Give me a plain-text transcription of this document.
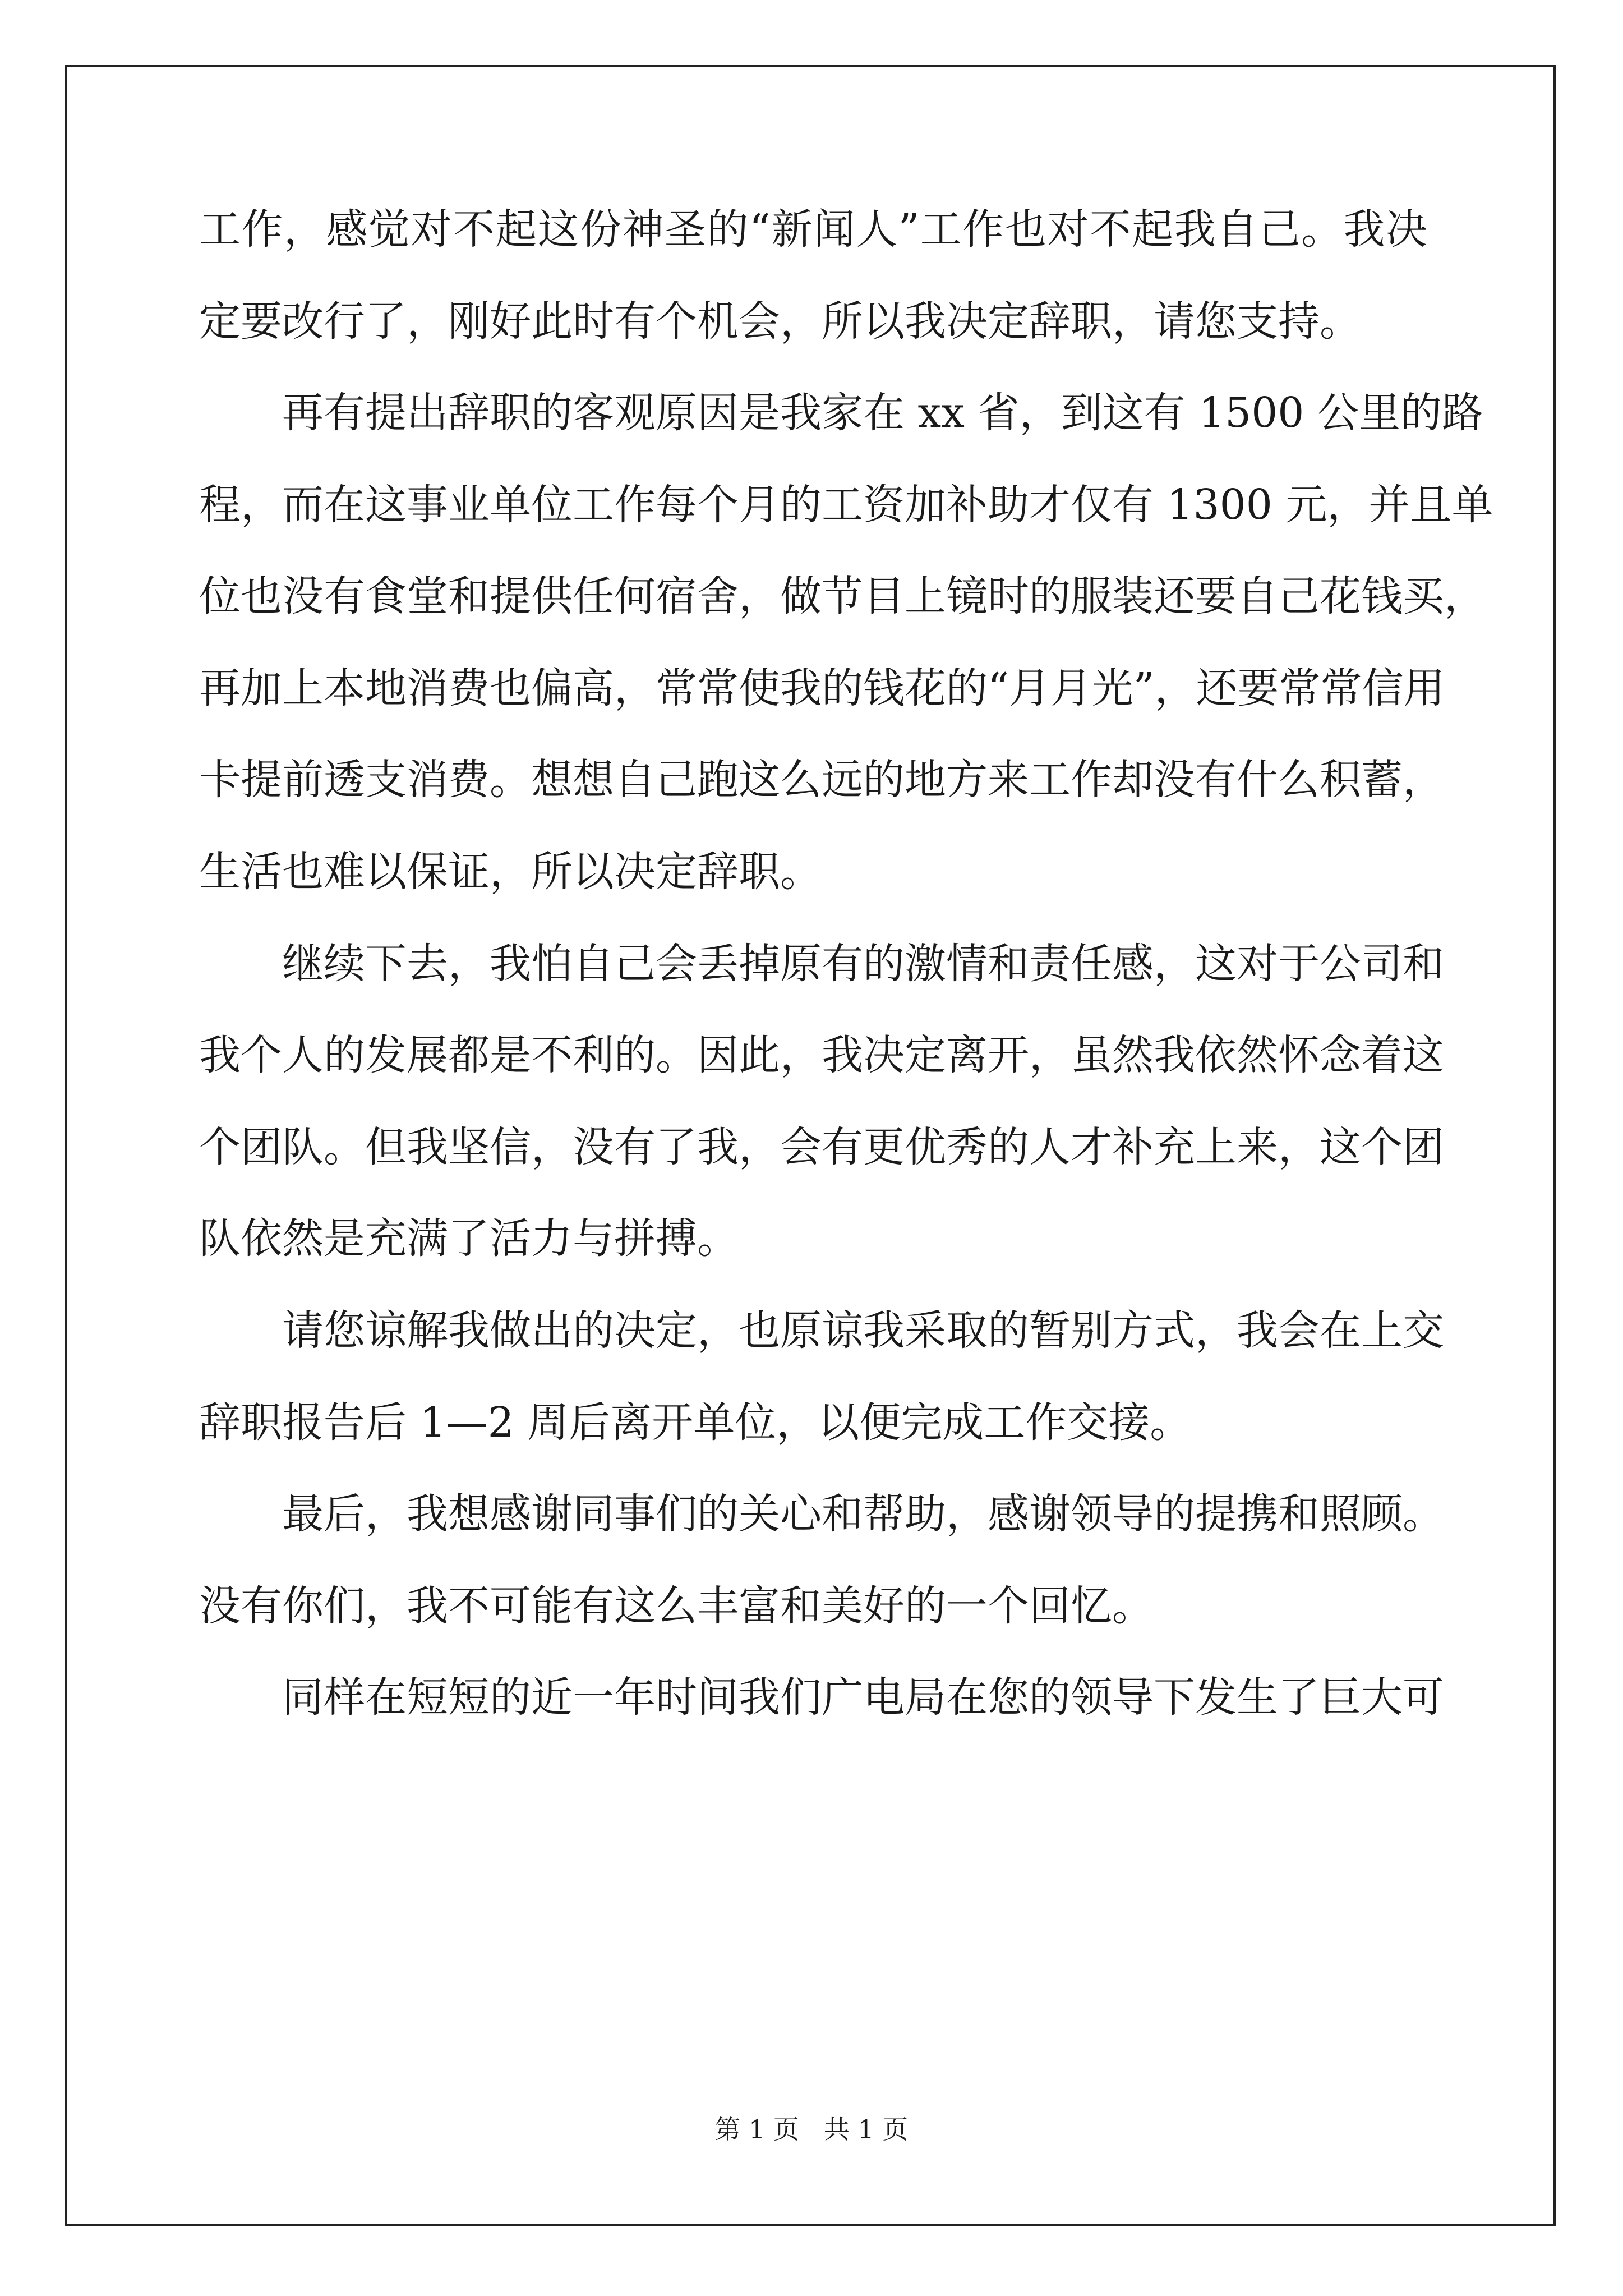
工作，感觉对不起这份神圣的“新闻人”工作也对不起我自己。我决
定要改行了，刚好此时有个机会，所以我决定辞职，请您支持。
再有提出辞职的客观原因是我家在 xx 省，到这有 1500 公里的路
程，而在这事业单位工作每个月的工资加补助才仅有 1300 元，并且单
位也没有食堂和提供任何宿舍，做节目上镜时的服装还要自己花钱买，
再加上本地消费也偏高，常常使我的钱花的“月月光”，还要常常信用
卡提前透支消费。想想自己跑这么远的地方来工作却没有什么积蓄，
生活也难以保证，所以决定辞职。
继续下去，我怕自己会丢掉原有的激情和责任感，这对于公司和
我个人的发展都是不利的。因此，我决定离开，虽然我依然怀念着这
个团队。但我坚信，没有了我，会有更优秀的人才补充上来，这个团
队依然是充满了活力与拼搏。
请您谅解我做出的决定，也原谅我采取的暂别方式，我会在上交
辞职报告后 1—2 周后离开单位，以便完成工作交接。
最后，我想感谢同事们的关心和帮助，感谢领导的提携和照顾。
没有你们，我不可能有这么丰富和美好的一个回忆。
同样在短短的近一年时间我们广电局在您的领导下发生了巨大可
第 1 页   共 1 页
